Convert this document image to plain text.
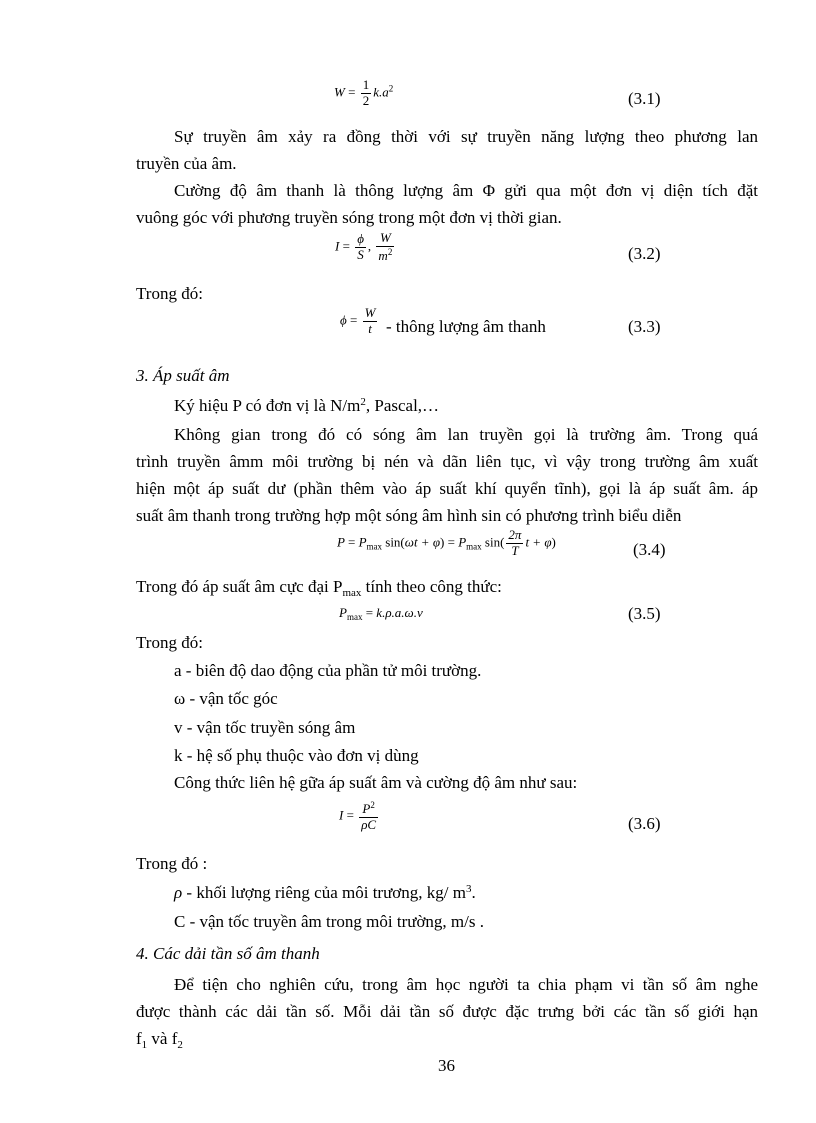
$W = \frac{1}{2} k.a^2$
(3.1)
Sự truyền âm xảy ra đồng thời với sự truyền năng lượng theo phương lan
truyền của âm.
Cường độ âm thanh là thông lượng âm Φ gửi qua một đơn vị diện tích đặt
vuông góc với phương truyền sóng trong một đơn vị thời gian.
$I = \frac{\phi}{S}$ , $\frac{W}{m^2}$	(3.2)
Trong đó:
$\phi = \frac{W}{t}$ - thông lượng âm thanh	(3.3)
3. Áp suất âm
Ký hiệu P có đơn vị là $N/m^2$, Pascal,…
Không gian trong đó có sóng âm lan truyền gọi là trường âm. Trong quá
trình truyền âmm môi trường bị nén và dãn liên tục, vì vậy trong trường âm xuất
hiện một áp suất dư (phần thêm vào áp suất khí quyển tĩnh), gọi là áp suất âm. áp
suất âm thanh trong trường hợp một sóng âm hình sin có phương trình biểu diễn
$P = P_{max}$ $\sin(\omega t + \varphi) = P_{max}$ $\sin( \frac{2\pi}{T}$ t + φ)	(3.4)
Trong đó áp suất âm cực đại $P_{max}$ tính theo công thức:
$P_{max} = k.\rho.a.\omega.v$	(3.5)
Trong đó:
a - biên độ dao động của phần tử môi trường.
ω - vận tốc góc
v - vận tốc truyền sóng âm
k - hệ số phụ thuộc vào đơn vị dùng
Công thức liên hệ gữa áp suất âm và cường độ âm như sau:
$I = \frac{P^2}{\rho C}$	(3.6)
Trong đó :
ρ - khối lượng riêng của môi trương, kg/ $m^3$.
C - vận tốc truyền âm trong môi trường, m/s .
4. Các dải tần số âm thanh
Để tiện cho nghiên cứu, trong âm học người ta chia phạm vi tần số âm nghe
được thành các dải tần số. Mỗi dải tần số được đặc trưng bởi các tần số giới hạn
$f_1$ và $f_2$
36
